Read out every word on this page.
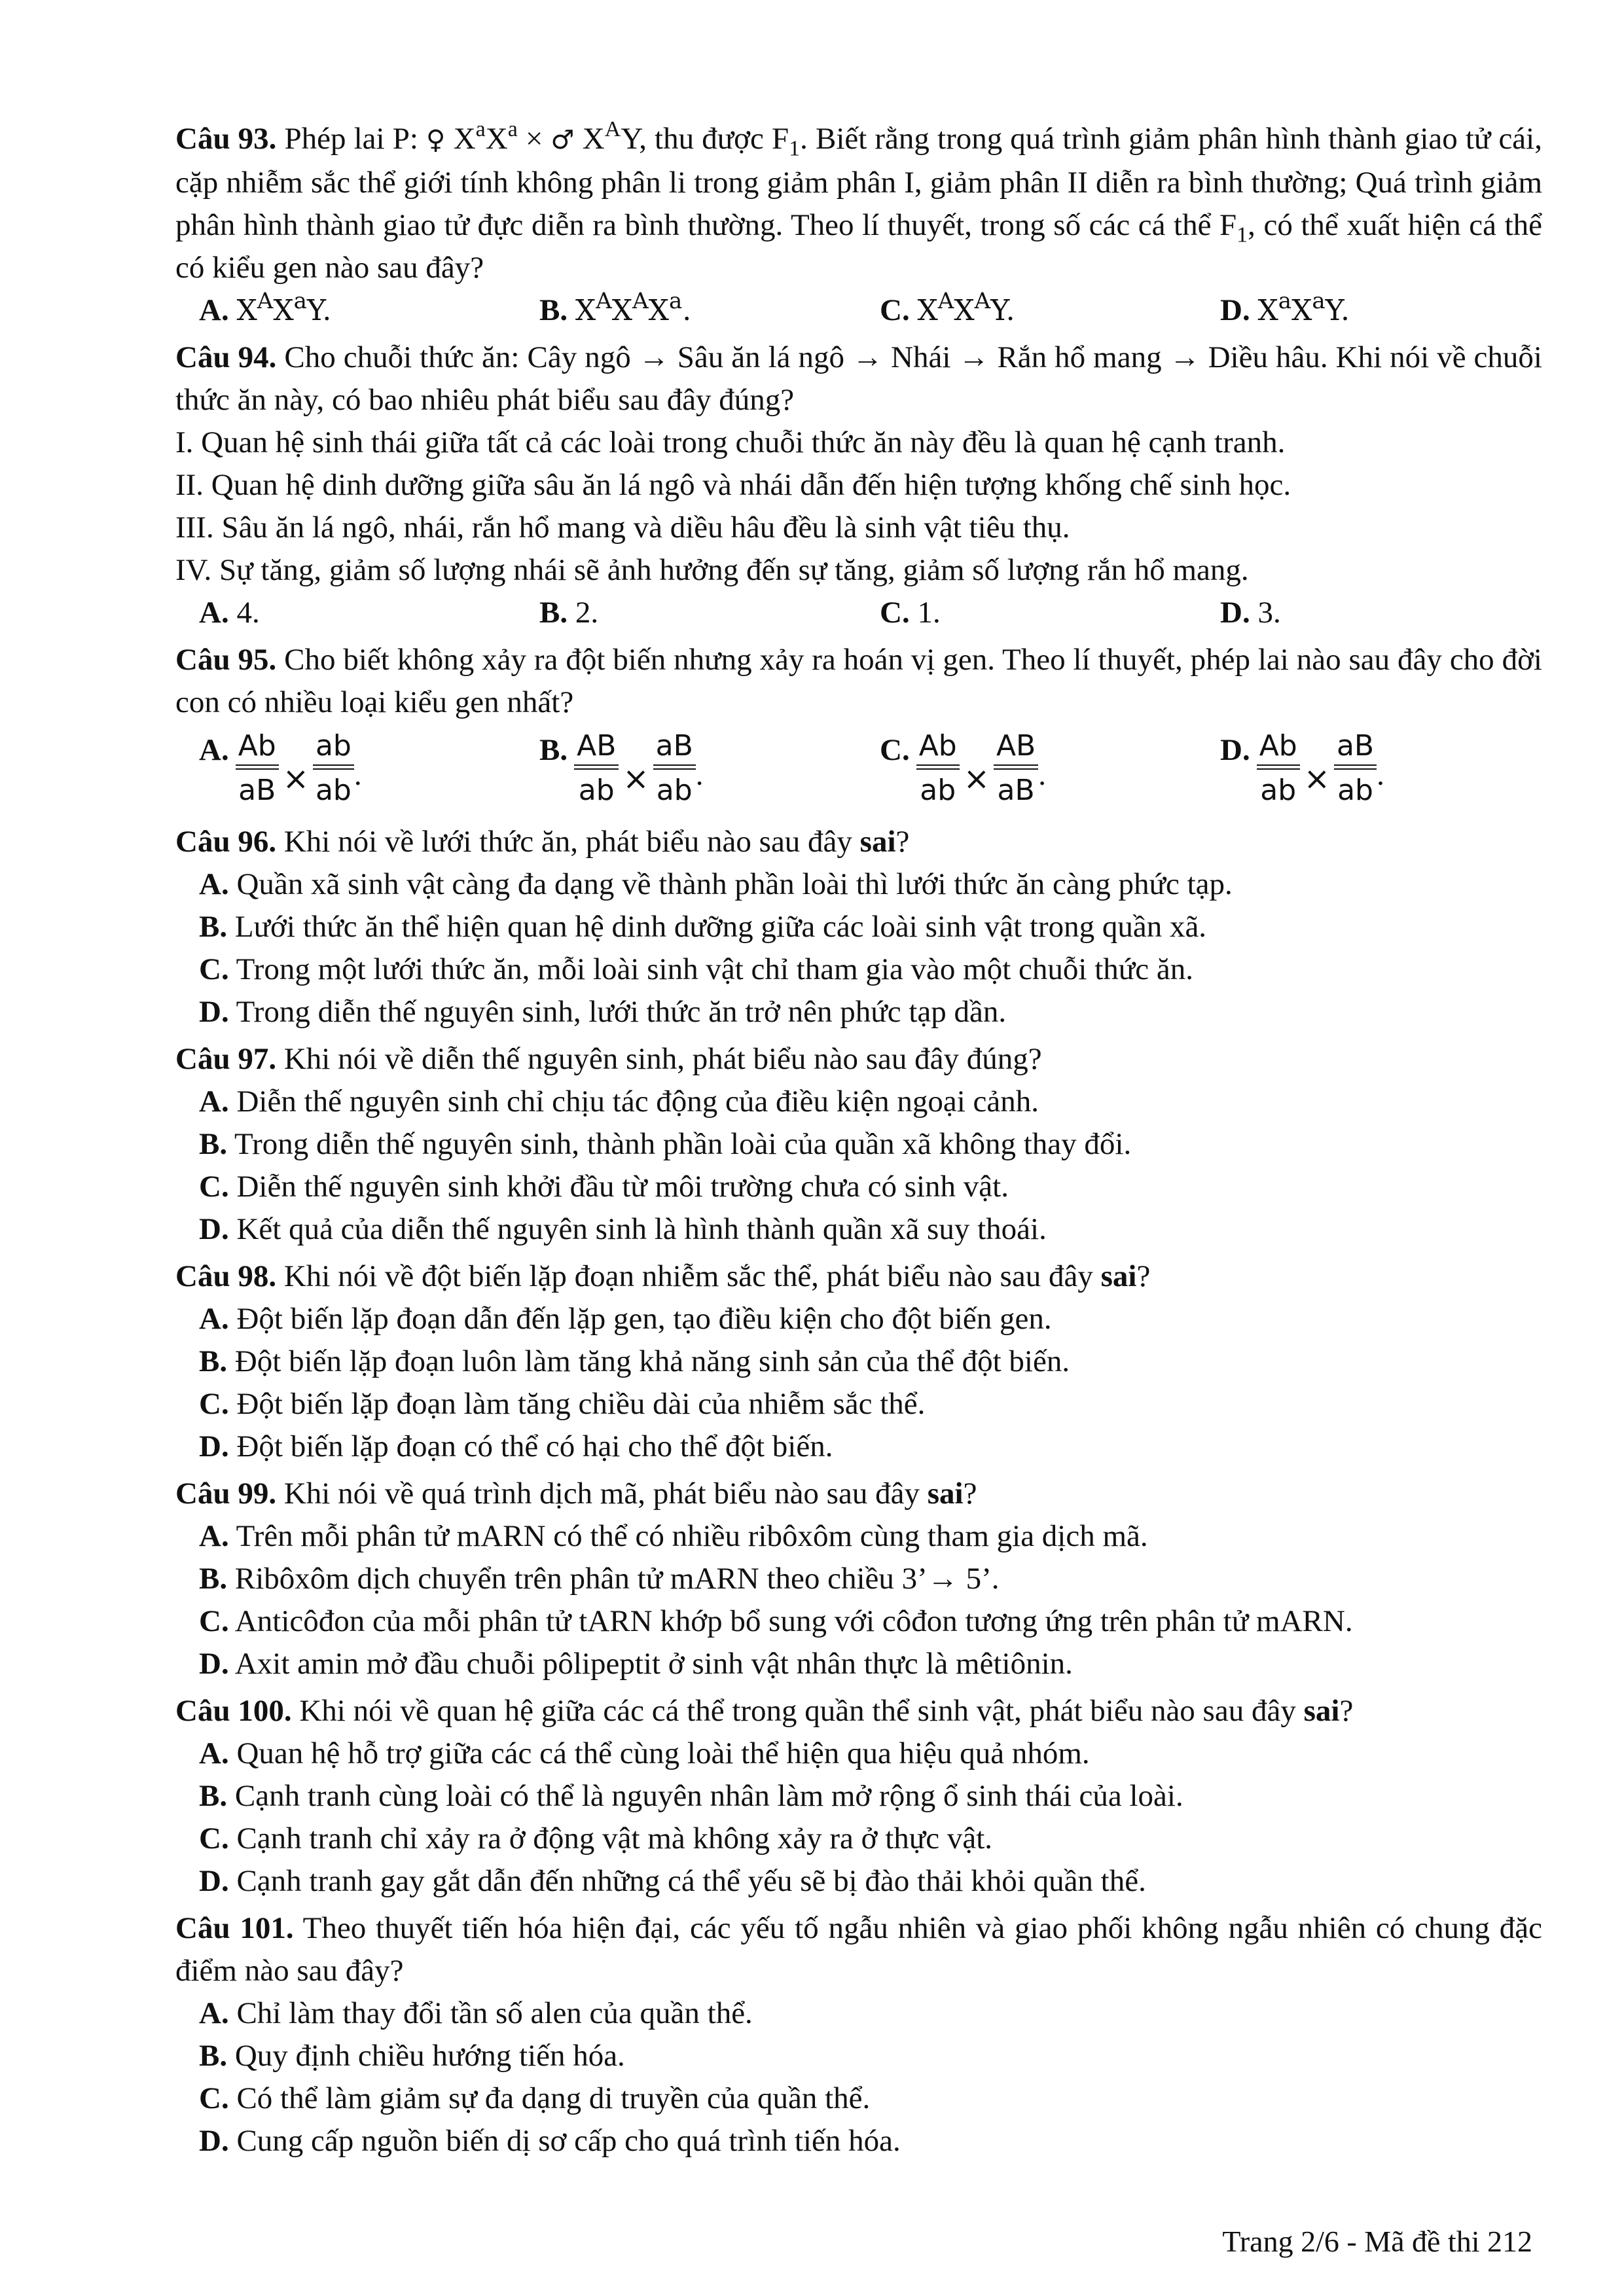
Câu 93. Phép lai P: ♀ $X^aX^a$ × ♂ $X^AY$, thu được $F_1$. Biết rằng trong quá trình giảm phân hình thành giao tử cái, cặp nhiễm sắc thể giới tính không phân li trong giảm phân I, giảm phân II diễn ra bình thường; Quá trình giảm phân hình thành giao tử đực diễn ra bình thường. Theo lí thuyết, trong số các cá thể $F_1$, có thể xuất hiện cá thể có kiểu gen nào sau đây?

A. $X^AX^aY$.	B. $X^AX^AX^a$.	C. $X^AX^AY$.	D. $X^aX^aY$.

Câu 94. Cho chuỗi thức ăn: Cây ngô → Sâu ăn lá ngô → Nhái → Rắn hổ mang → Diều hâu. Khi nói về chuỗi thức ăn này, có bao nhiêu phát biểu sau đây đúng?

I. Quan hệ sinh thái giữa tất cả các loài trong chuỗi thức ăn này đều là quan hệ cạnh tranh.
II. Quan hệ dinh dưỡng giữa sâu ăn lá ngô và nhái dẫn đến hiện tượng khống chế sinh học.
III. Sâu ăn lá ngô, nhái, rắn hổ mang và diều hâu đều là sinh vật tiêu thụ.
IV. Sự tăng, giảm số lượng nhái sẽ ảnh hưởng đến sự tăng, giảm số lượng rắn hổ mang.
A. 4.	B. 2.	C. 1.	D. 3.

Câu 95. Cho biết không xảy ra đột biến nhưng xảy ra hoán vị gen. Theo lí thuyết, phép lai nào sau đây cho đời con có nhiều loại kiểu gen nhất?

A. $\frac{Ab}{aB} \times \frac{ab}{ab}$ .
B. $\frac{AB}{ab} \times \frac{aB}{ab}$ .
C. $\frac{Ab}{ab} \times \frac{AB}{aB}$ .
D. $\frac{Ab}{ab} \times \frac{aB}{ab}$ .

Câu 96. Khi nói về lưới thức ăn, phát biểu nào sau đây sai?

A. Quần xã sinh vật càng đa dạng về thành phần loài thì lưới thức ăn càng phức tạp.
B. Lưới thức ăn thể hiện quan hệ dinh dưỡng giữa các loài sinh vật trong quần xã.
C. Trong một lưới thức ăn, mỗi loài sinh vật chỉ tham gia vào một chuỗi thức ăn.
D. Trong diễn thế nguyên sinh, lưới thức ăn trở nên phức tạp dần.

Câu 97. Khi nói về diễn thế nguyên sinh, phát biểu nào sau đây đúng?

A. Diễn thế nguyên sinh chỉ chịu tác động của điều kiện ngoại cảnh.
B. Trong diễn thế nguyên sinh, thành phần loài của quần xã không thay đổi.
C. Diễn thế nguyên sinh khởi đầu từ môi trường chưa có sinh vật.
D. Kết quả của diễn thế nguyên sinh là hình thành quần xã suy thoái.

Câu 98. Khi nói về đột biến lặp đoạn nhiễm sắc thể, phát biểu nào sau đây sai?

A. Đột biến lặp đoạn dẫn đến lặp gen, tạo điều kiện cho đột biến gen.
B. Đột biến lặp đoạn luôn làm tăng khả năng sinh sản của thể đột biến.
C. Đột biến lặp đoạn làm tăng chiều dài của nhiễm sắc thể.
D. Đột biến lặp đoạn có thể có hại cho thể đột biến.

Câu 99. Khi nói về quá trình dịch mã, phát biểu nào sau đây sai?

A. Trên mỗi phân tử mARN có thể có nhiều ribôxôm cùng tham gia dịch mã.
B. Ribôxôm dịch chuyển trên phân tử mARN theo chiều 3’→ 5’.
C. Anticôđon của mỗi phân tử tARN khớp bổ sung với côđon tương ứng trên phân tử mARN.
D. Axit amin mở đầu chuỗi pôlipeptit ở sinh vật nhân thực là mêtiônin.

Câu 100. Khi nói về quan hệ giữa các cá thể trong quần thể sinh vật, phát biểu nào sau đây sai?

A. Quan hệ hỗ trợ giữa các cá thể cùng loài thể hiện qua hiệu quả nhóm.
B. Cạnh tranh cùng loài có thể là nguyên nhân làm mở rộng ổ sinh thái của loài.
C. Cạnh tranh chỉ xảy ra ở động vật mà không xảy ra ở thực vật.
D. Cạnh tranh gay gắt dẫn đến những cá thể yếu sẽ bị đào thải khỏi quần thể.

Câu 101. Theo thuyết tiến hóa hiện đại, các yếu tố ngẫu nhiên và giao phối không ngẫu nhiên có chung đặc điểm nào sau đây?

A. Chỉ làm thay đổi tần số alen của quần thể.
B. Quy định chiều hướng tiến hóa.
C. Có thể làm giảm sự đa dạng di truyền của quần thể.
D. Cung cấp nguồn biến dị sơ cấp cho quá trình tiến hóa.
Trang 2/6 - Mã đề thi 212
